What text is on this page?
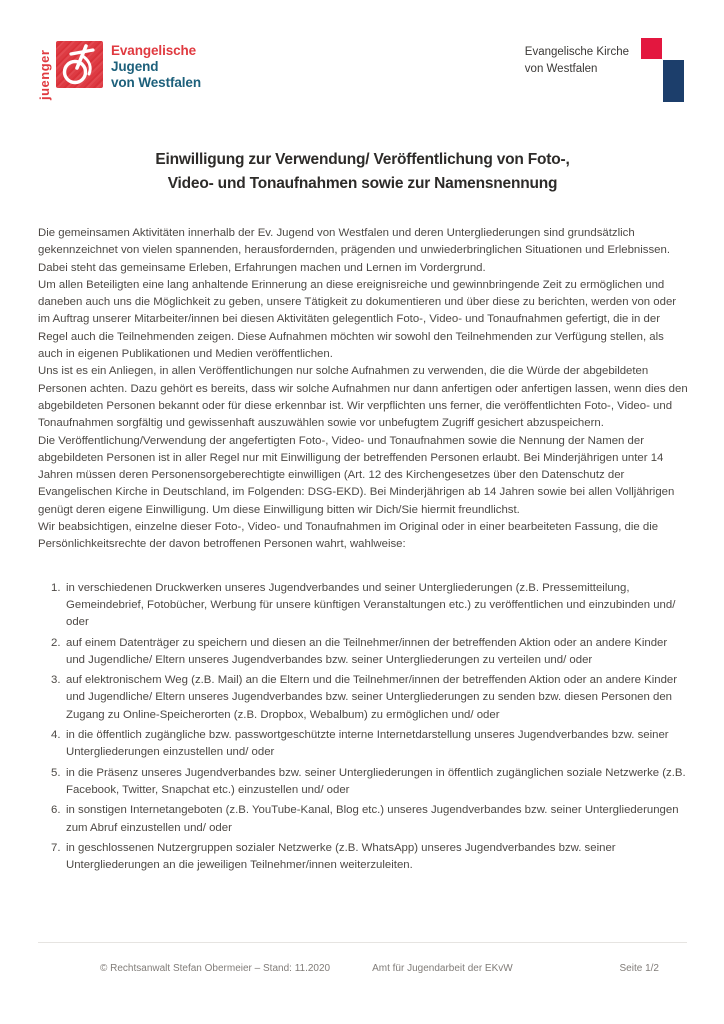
juenger	Evangelische
Jugend
von Westfalen
Evangelische Kirche
von Westfalen
Einwilligung zur Verwendung/ Veröffentlichung von Foto-,
Video- und Tonaufnahmen sowie zur Namensnennung

Die gemeinsamen Aktivitäten innerhalb der Ev. Jugend von Westfalen und deren Untergliederungen sind grundsätzlich gekennzeichnet von vielen spannenden, herausfordernden, prägenden und unwiederbringlichen Situationen und Erlebnissen. Dabei steht das gemeinsame Erleben, Erfahrungen machen und Lernen im Vordergrund.

Um allen Beteiligten eine lang anhaltende Erinnerung an diese ereignisreiche und gewinnbringende Zeit zu ermöglichen und daneben auch uns die Möglichkeit zu geben, unsere Tätigkeit zu dokumentieren und über diese zu berichten, werden von oder im Auftrag unserer Mitarbeiter/innen bei diesen Aktivitäten gelegentlich Foto-, Video- und Tonaufnahmen gefertigt, die in der Regel auch die Teilnehmenden zeigen. Diese Aufnahmen möchten wir sowohl den Teilnehmenden zur Verfügung stellen, als auch in eigenen Publikationen und Medien veröffentlichen.

Uns ist es ein Anliegen, in allen Veröffentlichungen nur solche Aufnahmen zu verwenden, die die Würde der abgebildeten Personen achten. Dazu gehört es bereits, dass wir solche Aufnahmen nur dann anfertigen oder anfertigen lassen, wenn dies den abgebildeten Personen bekannt oder für diese erkennbar ist. Wir verpflichten uns ferner, die veröffentlichten Foto-, Video- und Tonaufnahmen sorgfältig und gewissenhaft auszuwählen sowie vor unbefugtem Zugriff gesichert abzuspeichern.

Die Veröffentlichung/Verwendung der angefertigten Foto-, Video- und Tonaufnahmen sowie die Nennung der Namen der abgebildeten Personen ist in aller Regel nur mit Einwilligung der betreffenden Personen erlaubt. Bei Minderjährigen unter 14 Jahren müssen deren Personensorgeberechtigte einwilligen (Art. 12 des Kirchengesetzes über den Datenschutz der Evangelischen Kirche in Deutschland, im Folgenden: DSG-EKD). Bei Minderjährigen ab 14 Jahren sowie bei allen Volljährigen genügt deren eigene Einwilligung. Um diese Einwilligung bitten wir Dich/Sie hiermit freundlichst.

Wir beabsichtigen, einzelne dieser Foto-, Video- und Tonaufnahmen im Original oder in einer bearbeiteten Fassung, die die Persönlichkeitsrechte der davon betroffenen Personen wahrt, wahlweise:

1. in verschiedenen Druckwerken unseres Jugendverbandes und seiner Untergliederungen (z.B. Pressemitteilung, Gemeindebrief, Fotobücher, Werbung für unsere künftigen Veranstaltungen etc.) zu veröffentlichen und einzubinden und/ oder
2. auf einem Datenträger zu speichern und diesen an die Teilnehmer/innen der betreffenden Aktion oder an andere Kinder und Jugendliche/ Eltern unseres Jugendverbandes bzw. seiner Untergliederungen zu verteilen und/ oder
3. auf elektronischem Weg (z.B. Mail) an die Eltern und die Teilnehmer/innen der betreffenden Aktion oder an andere Kinder und Jugendliche/ Eltern unseres Jugendverbandes bzw. seiner Untergliederungen zu senden bzw. diesen Personen den Zugang zu Online-Speicherorten (z.B. Dropbox, Webalbum) zu ermöglichen und/ oder
4. in die öffentlich zugängliche bzw. passwortgeschützte interne Internetdarstellung unseres Jugendverbandes bzw. seiner Untergliederungen einzustellen und/ oder
5. in die Präsenz unseres Jugendverbandes bzw. seiner Untergliederungen in öffentlich zugänglichen soziale Netzwerke (z.B. Facebook, Twitter, Snapchat etc.) einzustellen und/ oder
6. in sonstigen Internetangeboten (z.B. YouTube-Kanal, Blog etc.) unseres Jugendverbandes bzw. seiner Untergliederungen zum Abruf einzustellen und/ oder
7. in geschlossenen Nutzergruppen sozialer Netzwerke (z.B. WhatsApp) unseres Jugendverbandes bzw. seiner Untergliederungen an die jeweiligen Teilnehmer/innen weiterzuleiten.
© Rechtsanwalt Stefan Obermeier – Stand: 11.2020	Amt für Jugendarbeit der EKvW	Seite 1/2
